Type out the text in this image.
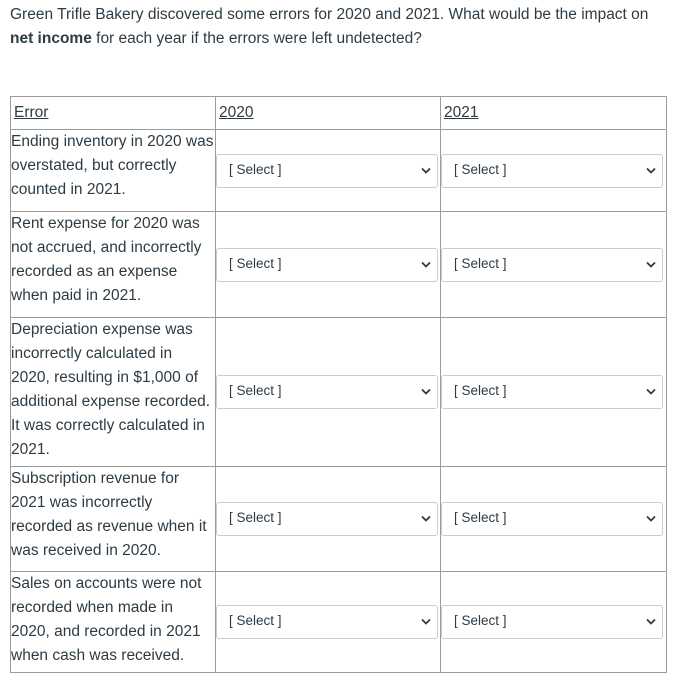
Green Trifle Bakery discovered some errors for 2020 and 2021. What would be the impact on net income for each year if the errors were left undetected?
Error	2020	2021
Ending inventory in 2020 was overstated, but correctly counted in 2021.	[ Select ]	[ Select ]

Rent expense for 2020 was not accrued, and incorrectly recorded as an expense when paid in 2021.	[ Select ]	[ Select ]

Depreciation expense was incorrectly calculated in 2020, resulting in $1,000 of additional expense recorded. It was correctly calculated in 2021.	[ Select ]	[ Select ]

Subscription revenue for 2021 was incorrectly recorded as revenue when it was received in 2020.	[ Select ]	[ Select ]

Sales on accounts were not recorded when made in 2020, and recorded in 2021 when cash was received.	[ Select ]	[ Select ]
